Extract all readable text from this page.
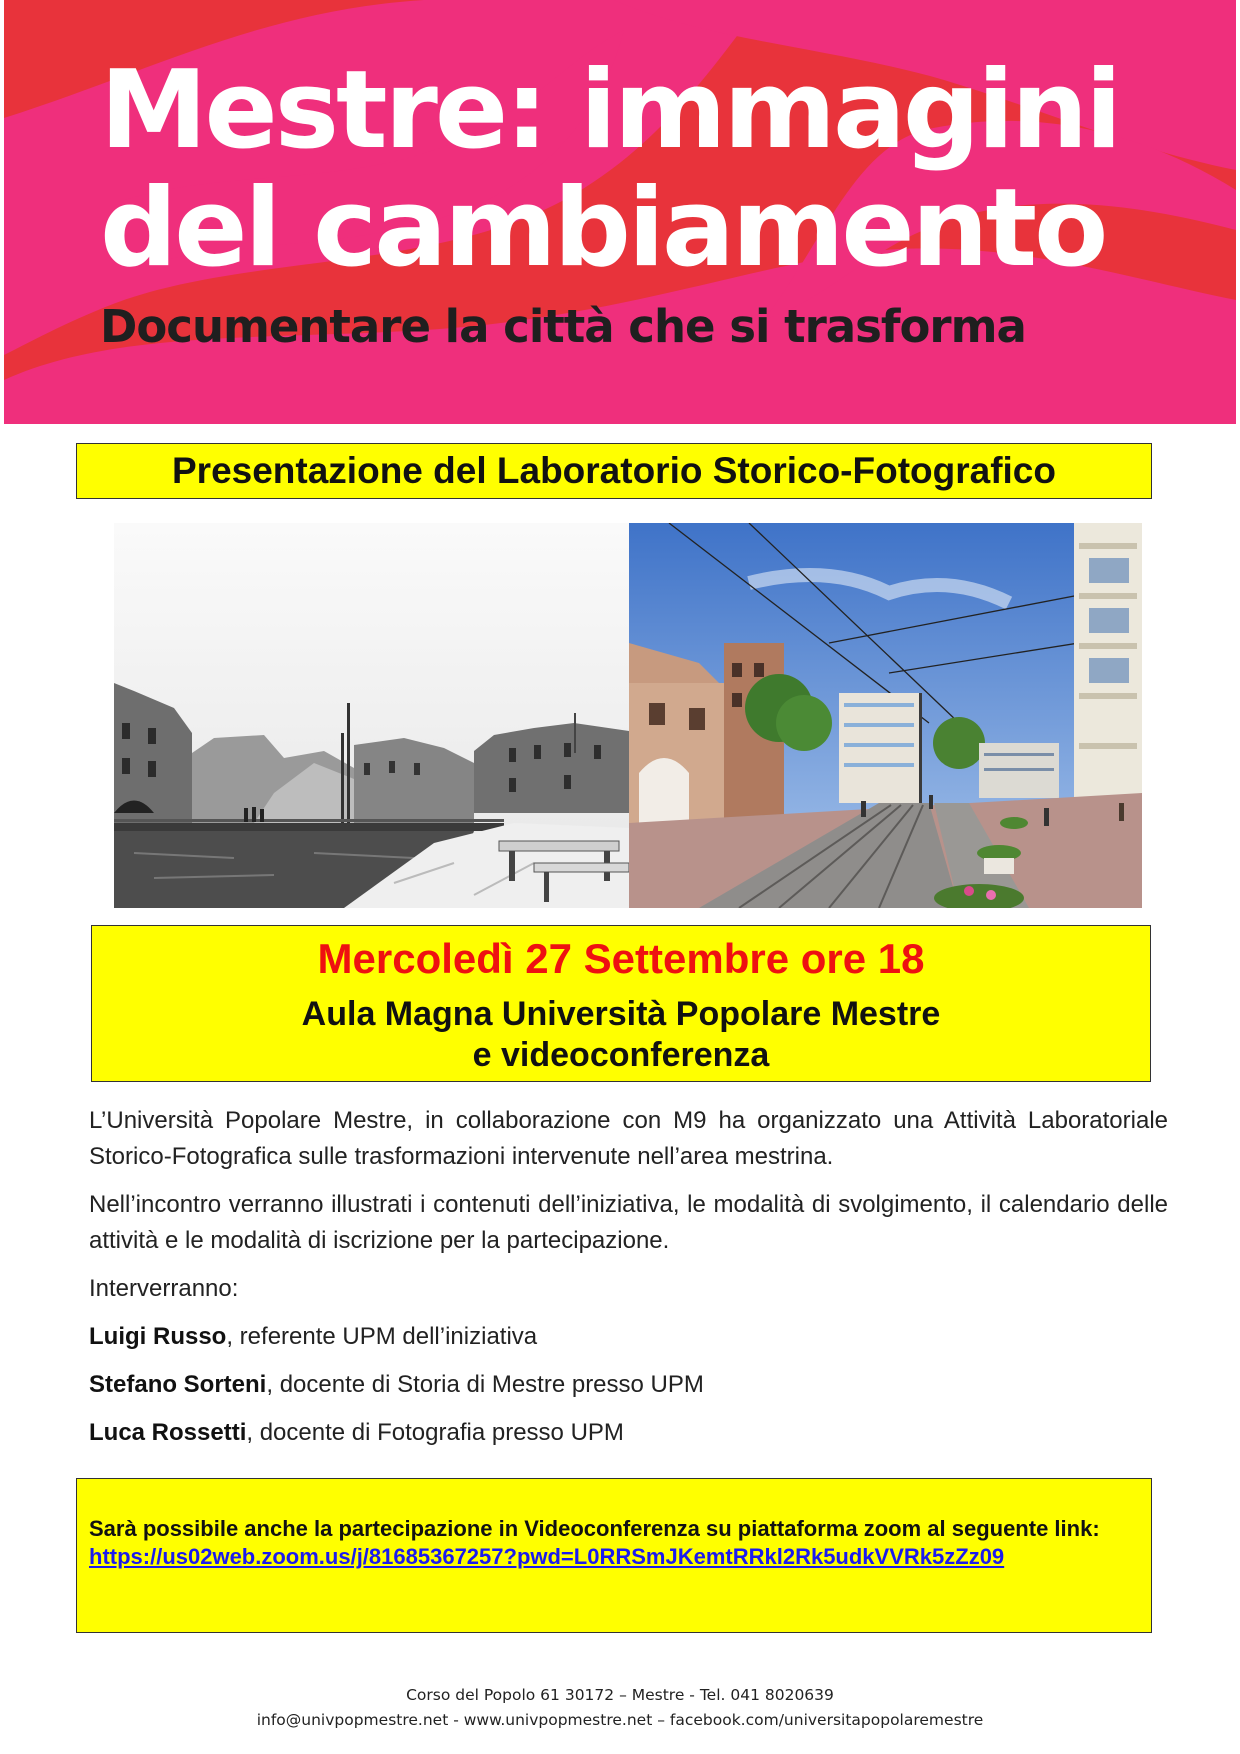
Mestre: immagini
del cambiamento
Documentare la città che si trasforma
Presentazione del Laboratorio Storico-Fotografico
Mercoledì 27 Settembre ore 18
Aula Magna Università Popolare Mestre
e videoconferenza

L’Università Popolare Mestre, in collaborazione con M9 ha organizzato una Attività Laboratoriale Storico-Fotografica sulle trasformazioni intervenute nell’area mestrina.

Nell’incontro verranno illustrati i contenuti dell’iniziativa, le modalità di svolgimento, il calendario delle attività e le modalità di iscrizione per la partecipazione.

Interverranno:

Luigi Russo, referente UPM dell’iniziativa

Stefano Sorteni, docente di Storia di Mestre presso UPM

Luca Rossetti, docente di Fotografia presso UPM

Sarà possibile anche la partecipazione in Videoconferenza su piattaforma zoom al seguente link:
https://us02web.zoom.us/j/81685367257?pwd=L0RRSmJKemtRRkl2Rk5udkVVRk5zZz09
Corso del Popolo 61 30172 – Mestre - Tel. 041 8020639
info@univpopmestre.net - www.univpopmestre.net – facebook.com/universitapopolaremestre
